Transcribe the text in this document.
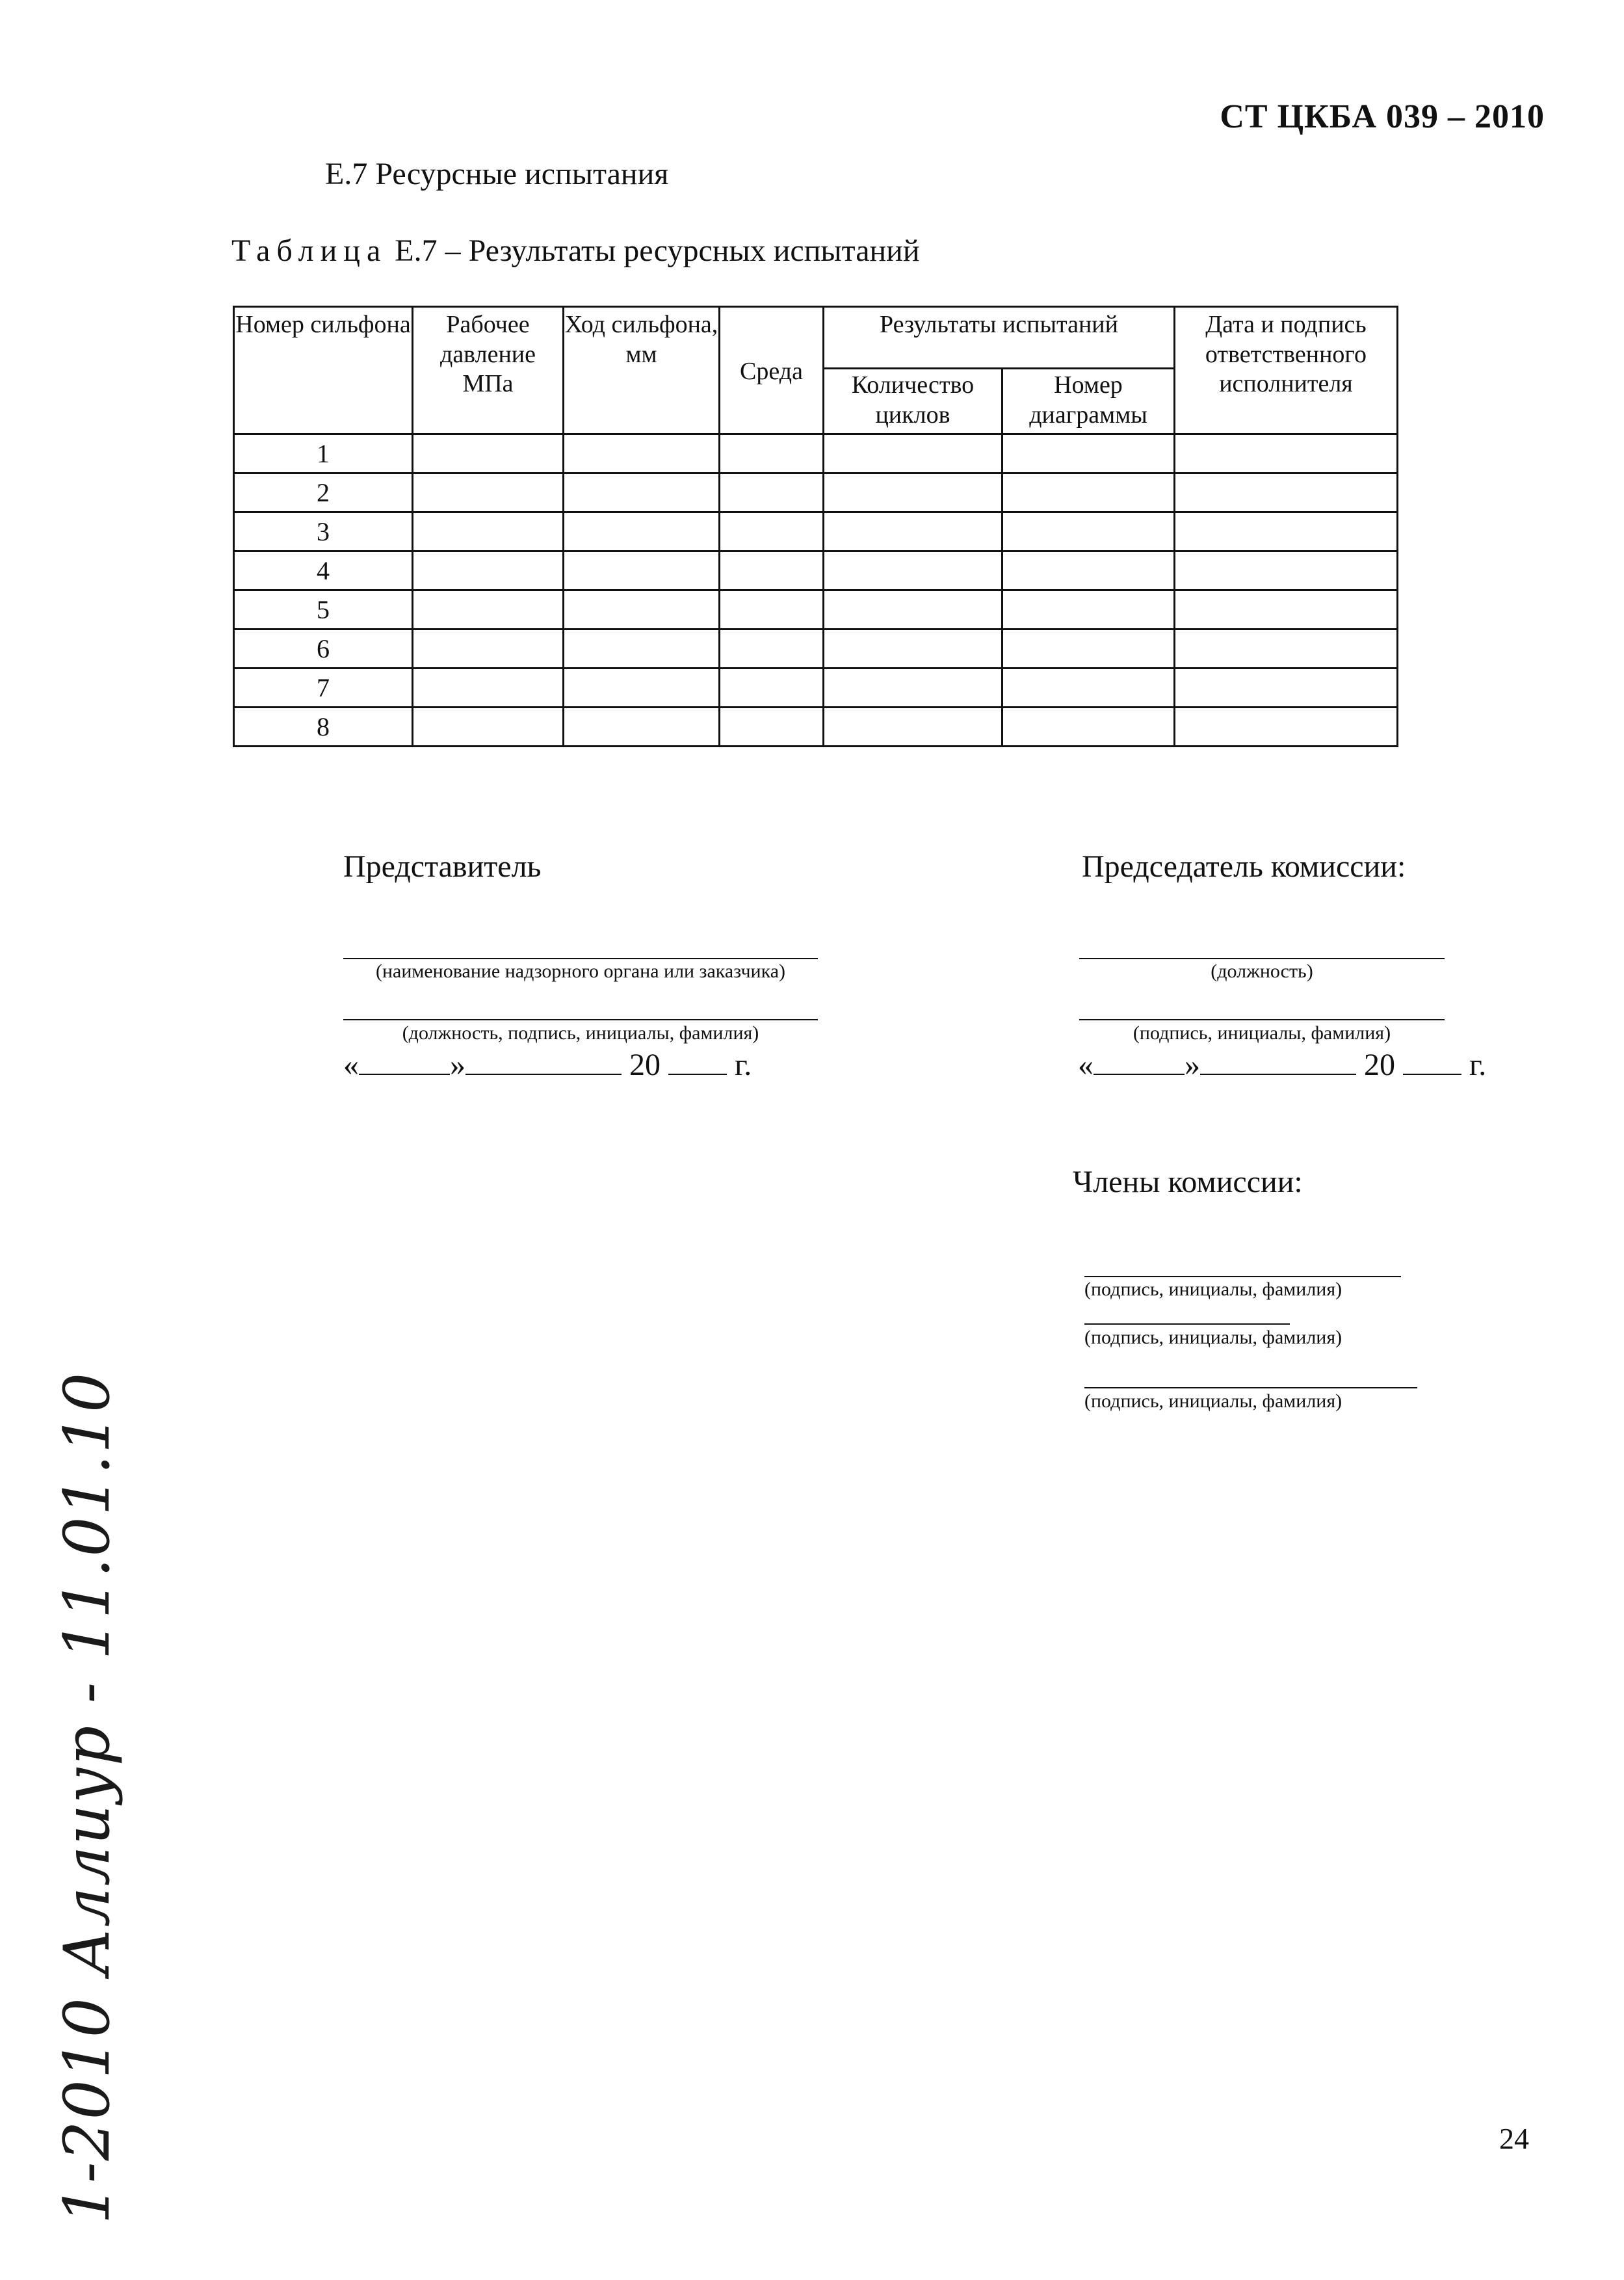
СТ ЦКБА 039 – 2010
Е.7 Ресурсные испытания
Таблица Е.7 – Результаты ресурсных испытаний
Номер сильфона	Рабочее давление МПа	Ход сильфона, мм	Среда	Результаты испытаний		Дата и подпись ответственного исполнителя
				Количество циклов	Номер диаграммы	
1						
2						
3						
4						
5						
6						
7						
8						
Представитель
(наименование надзорного органа или заказчика)
(должность, подпись, инициалы, фамилия)
«	»	20 г.
Председатель комиссии:
(должность)
(подпись, инициалы, фамилия)
«	»	20 г.
Члены комиссии:
(подпись, инициалы, фамилия)
(подпись, инициалы, фамилия)
(подпись, инициалы, фамилия)
1-2010 Аллиур - 11.01.10	24
